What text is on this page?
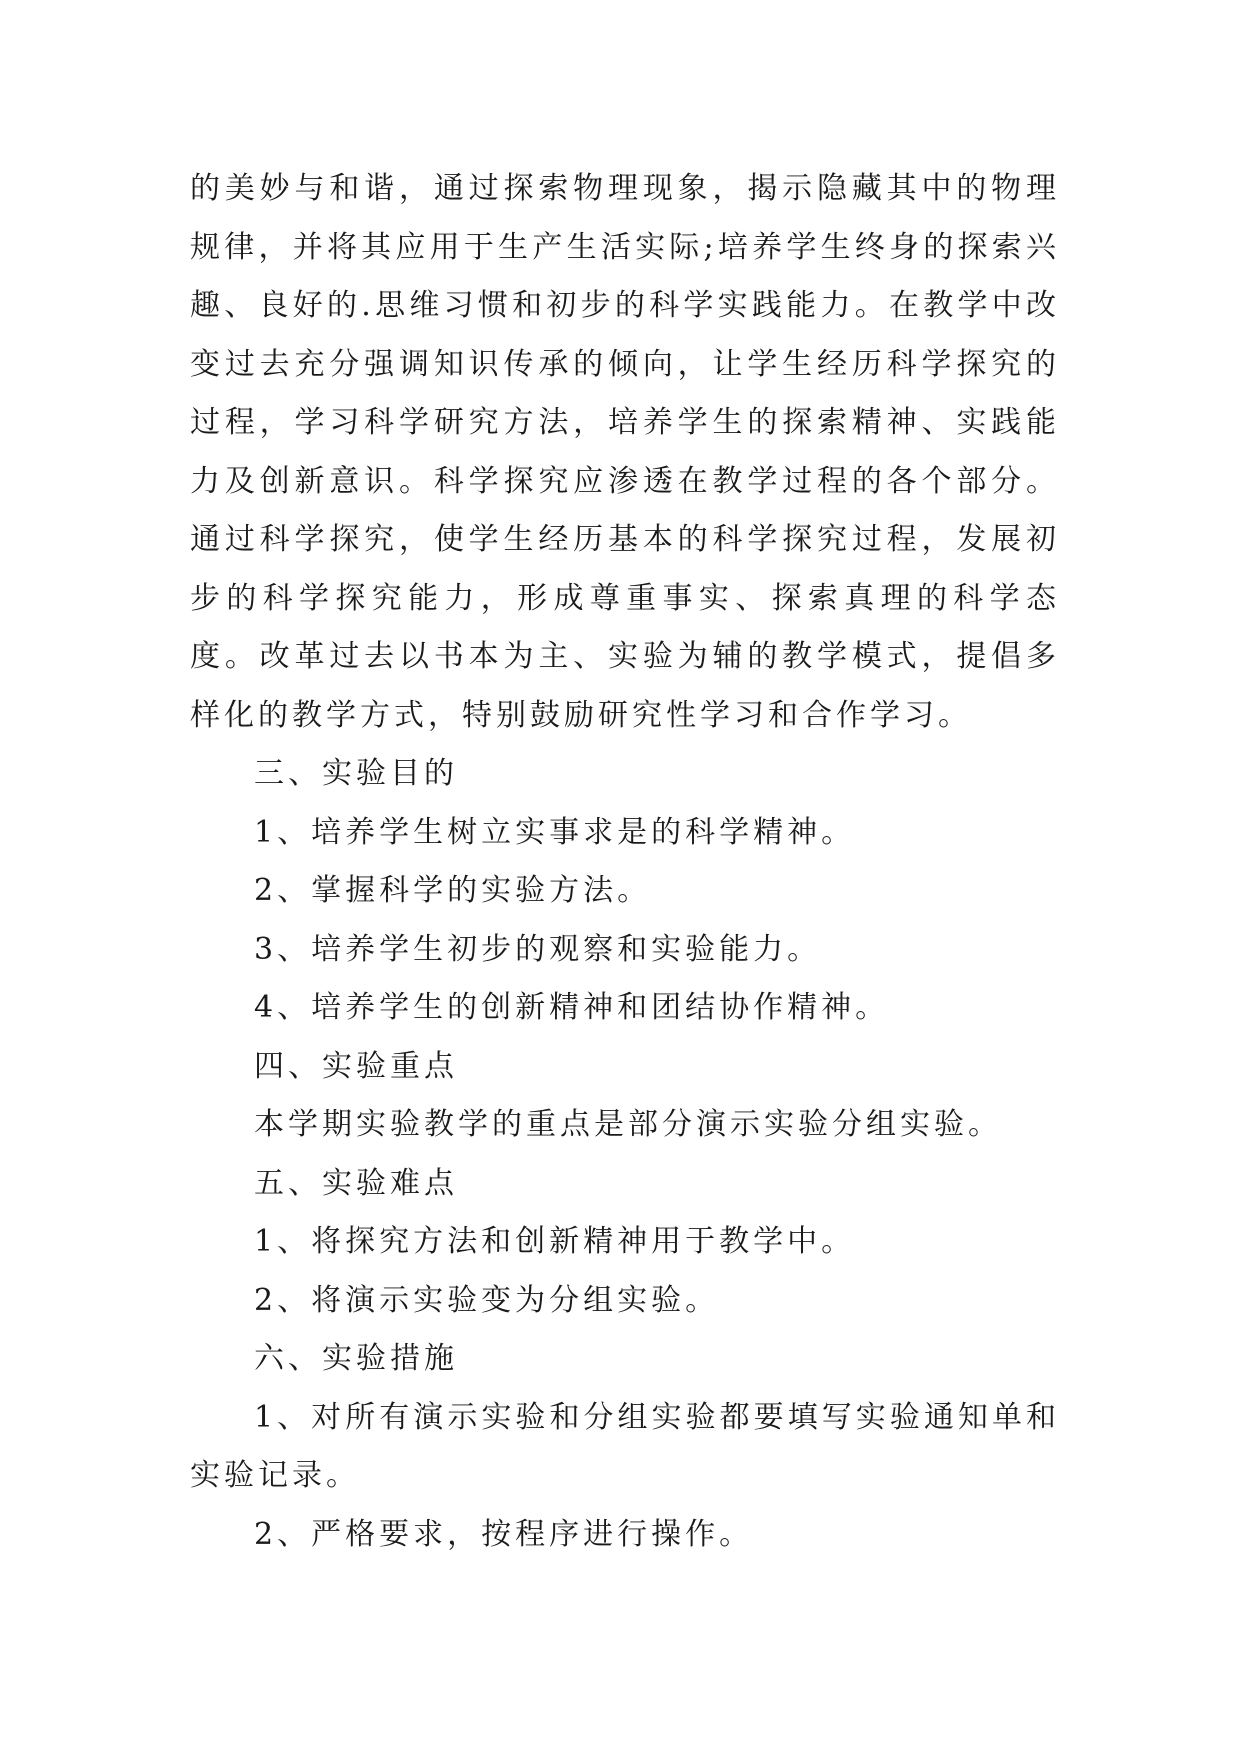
的美妙与和谐，通过探索物理现象，揭示隐藏其中的物理规律，并将其应用于生产生活实际;培养学生终身的探索兴趣、良好的.思维习惯和初步的科学实践能力。在教学中改变过去充分强调知识传承的倾向，让学生经历科学探究的过程，学习科学研究方法，培养学生的探索精神、实践能力及创新意识。科学探究应渗透在教学过程的各个部分。通过科学探究，使学生经历基本的科学探究过程，发展初步的科学探究能力，形成尊重事实、探索真理的科学态度。改革过去以书本为主、实验为辅的教学模式，提倡多样化的教学方式，特别鼓励研究性学习和合作学习。

三、实验目的

1、培养学生树立实事求是的科学精神。

2、掌握科学的实验方法。

3、培养学生初步的观察和实验能力。

4、培养学生的创新精神和团结协作精神。

四、实验重点

本学期实验教学的重点是部分演示实验分组实验。

五、实验难点

1、将探究方法和创新精神用于教学中。

2、将演示实验变为分组实验。

六、实验措施

1、对所有演示实验和分组实验都要填写实验通知单和实验记录。

2、严格要求，按程序进行操作。
